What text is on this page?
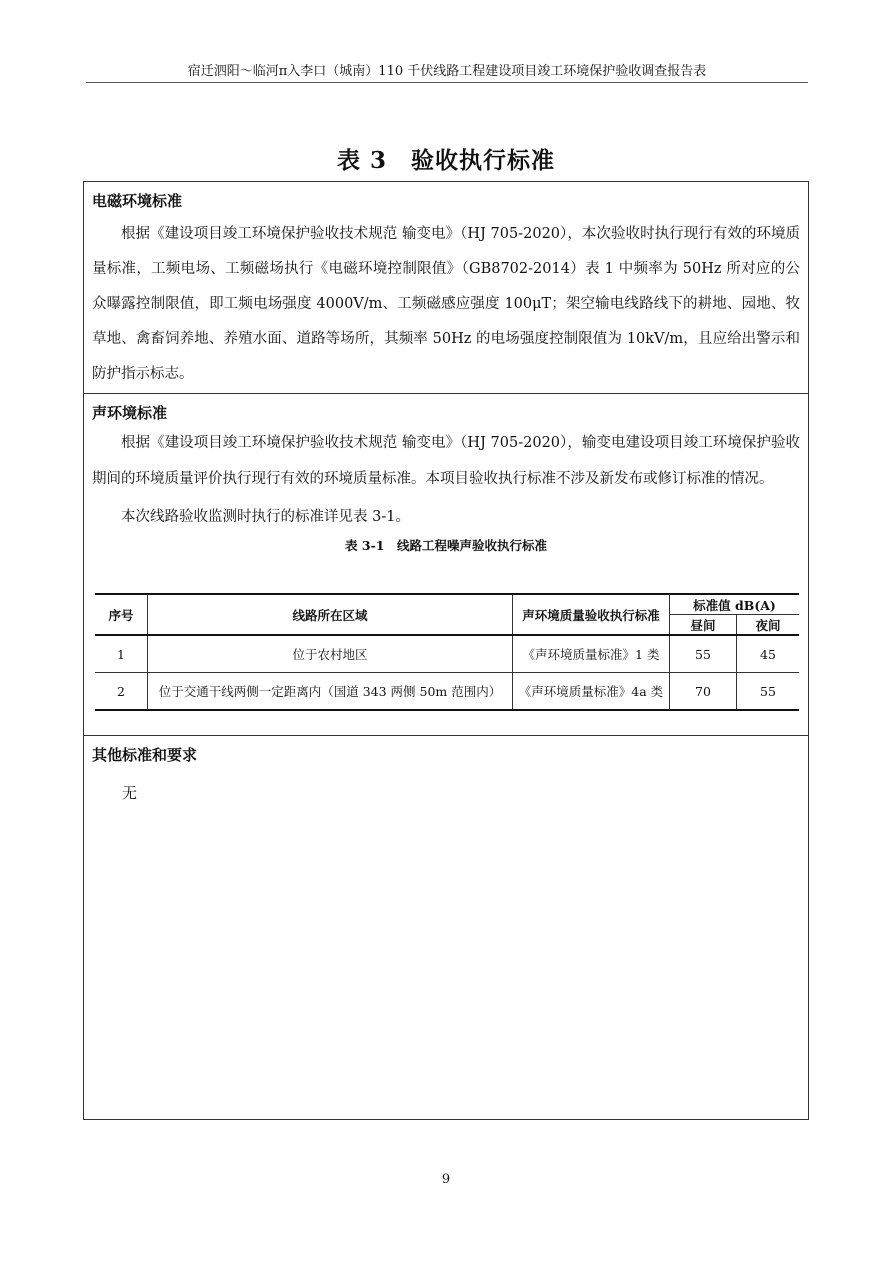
宿迁泗阳～临河π入李口（城南）110 千伏线路工程建设项目竣工环境保护验收调查报告表
表 3　验收执行标准
电磁环境标准

根据《建设项目竣工环境保护验收技术规范 输变电》（HJ 705-2020），本次验收时执行现行有效的环境质量标准，工频电场、工频磁场执行《电磁环境控制限值》（GB8702-2014）表 1 中频率为 50Hz 所对应的公众曝露控制限值，即工频电场强度 4000V/m、工频磁感应强度 100μT；架空输电线路线下的耕地、园地、牧草地、禽畜饲养地、养殖水面、道路等场所，其频率 50Hz 的电场强度控制限值为 10kV/m，且应给出警示和防护指示标志。

声环境标准

根据《建设项目竣工环境保护验收技术规范 输变电》（HJ 705-2020），输变电建设项目竣工环境保护验收期间的环境质量评价执行现行有效的环境质量标准。本项目验收执行标准不涉及新发布或修订标准的情况。

本次线路验收监测时执行的标准详见表 3-1。

表 3-1　线路工程噪声验收执行标准
序号	线路所在区域	声环境质量验收执行标准	标准值 dB(A)	
			昼间	夜间
1	位于农村地区	《声环境质量标准》1 类	55	45
2	位于交通干线两侧一定距离内（国道 343 两侧 50m 范围内）	《声环境质量标准》4a 类	70	55
其他标准和要求
无
9
